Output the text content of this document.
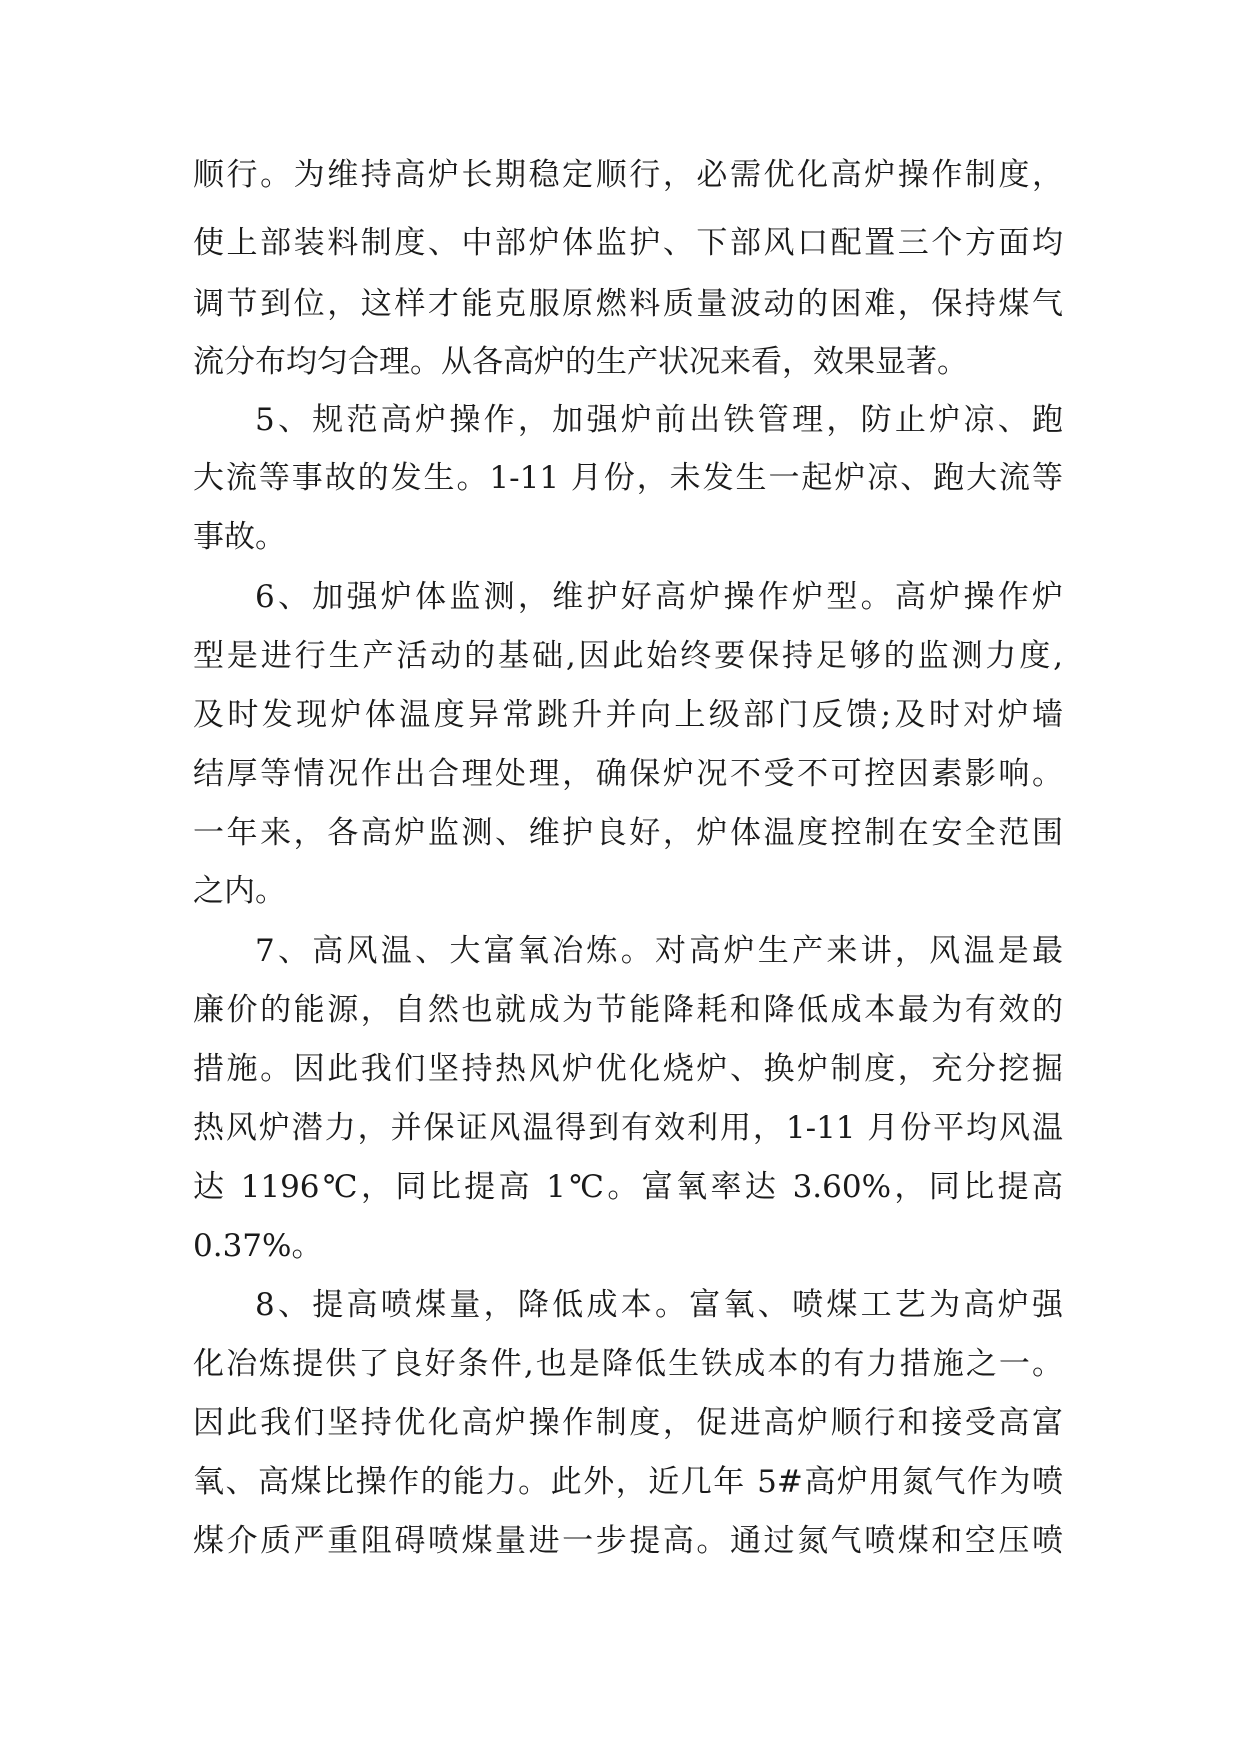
顺行。为维持高炉长期稳定顺行，必需优化高炉操作制度，
使上部装料制度、中部炉体监护、下部风口配置三个方面均
调节到位，这样才能克服原燃料质量波动的困难，保持煤气
流分布均匀合理。从各高炉的生产状况来看，效果显著。
5、规范高炉操作，加强炉前出铁管理，防止炉凉、跑
大流等事故的发生。1-11 月份，未发生一起炉凉、跑大流等
事故。
6、加强炉体监测，维护好高炉操作炉型。高炉操作炉
型是进行生产活动的基础,因此始终要保持足够的监测力度,
及时发现炉体温度异常跳升并向上级部门反馈;及时对炉墙
结厚等情况作出合理处理，确保炉况不受不可控因素影响。
一年来，各高炉监测、维护良好，炉体温度控制在安全范围
之内。
7、高风温、大富氧冶炼。对高炉生产来讲，风温是最
廉价的能源，自然也就成为节能降耗和降低成本最为有效的
措施。因此我们坚持热风炉优化烧炉、换炉制度，充分挖掘
热风炉潜力，并保证风温得到有效利用，1-11 月份平均风温
达 1196℃，同比提高 1℃。富氧率达 3.60%，同比提高
0.37%。
8、提高喷煤量，降低成本。富氧、喷煤工艺为高炉强
化冶炼提供了良好条件,也是降低生铁成本的有力措施之一。
因此我们坚持优化高炉操作制度，促进高炉顺行和接受高富
氧、高煤比操作的能力。此外，近几年 5#高炉用氮气作为喷
煤介质严重阻碍喷煤量进一步提高。通过氮气喷煤和空压喷
